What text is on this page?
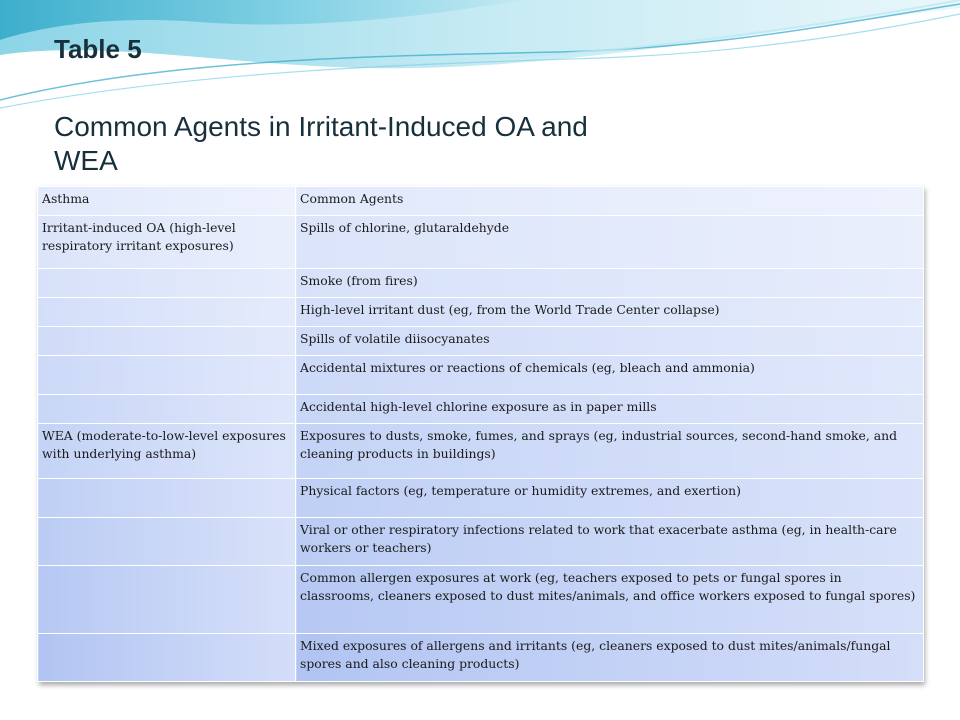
Table 5
Common Agents in Irritant-Induced OA and WEA
Asthma	Common Agents
Irritant-induced OA (high-level respiratory irritant exposures)	Spills of chlorine, glutaraldehyde
	Smoke (from fires)
	High-level irritant dust (eg, from the World Trade Center collapse)
	Spills of volatile diisocyanates
	Accidental mixtures or reactions of chemicals (eg, bleach and ammonia)
	Accidental high-level chlorine exposure as in paper mills
WEA (moderate-to-low-level exposures with underlying asthma)	Exposures to dusts, smoke, fumes, and sprays (eg, industrial sources, second-hand smoke, and cleaning products in buildings)
	Physical factors (eg, temperature or humidity extremes, and exertion)
	Viral or other respiratory infections related to work that exacerbate asthma (eg, in health-care workers or teachers)
	Common allergen exposures at work (eg, teachers exposed to pets or fungal spores in classrooms, cleaners exposed to dust mites/animals, and office workers exposed to fungal spores)
	Mixed exposures of allergens and irritants (eg, cleaners exposed to dust mites/animals/fungal spores and also cleaning products)
